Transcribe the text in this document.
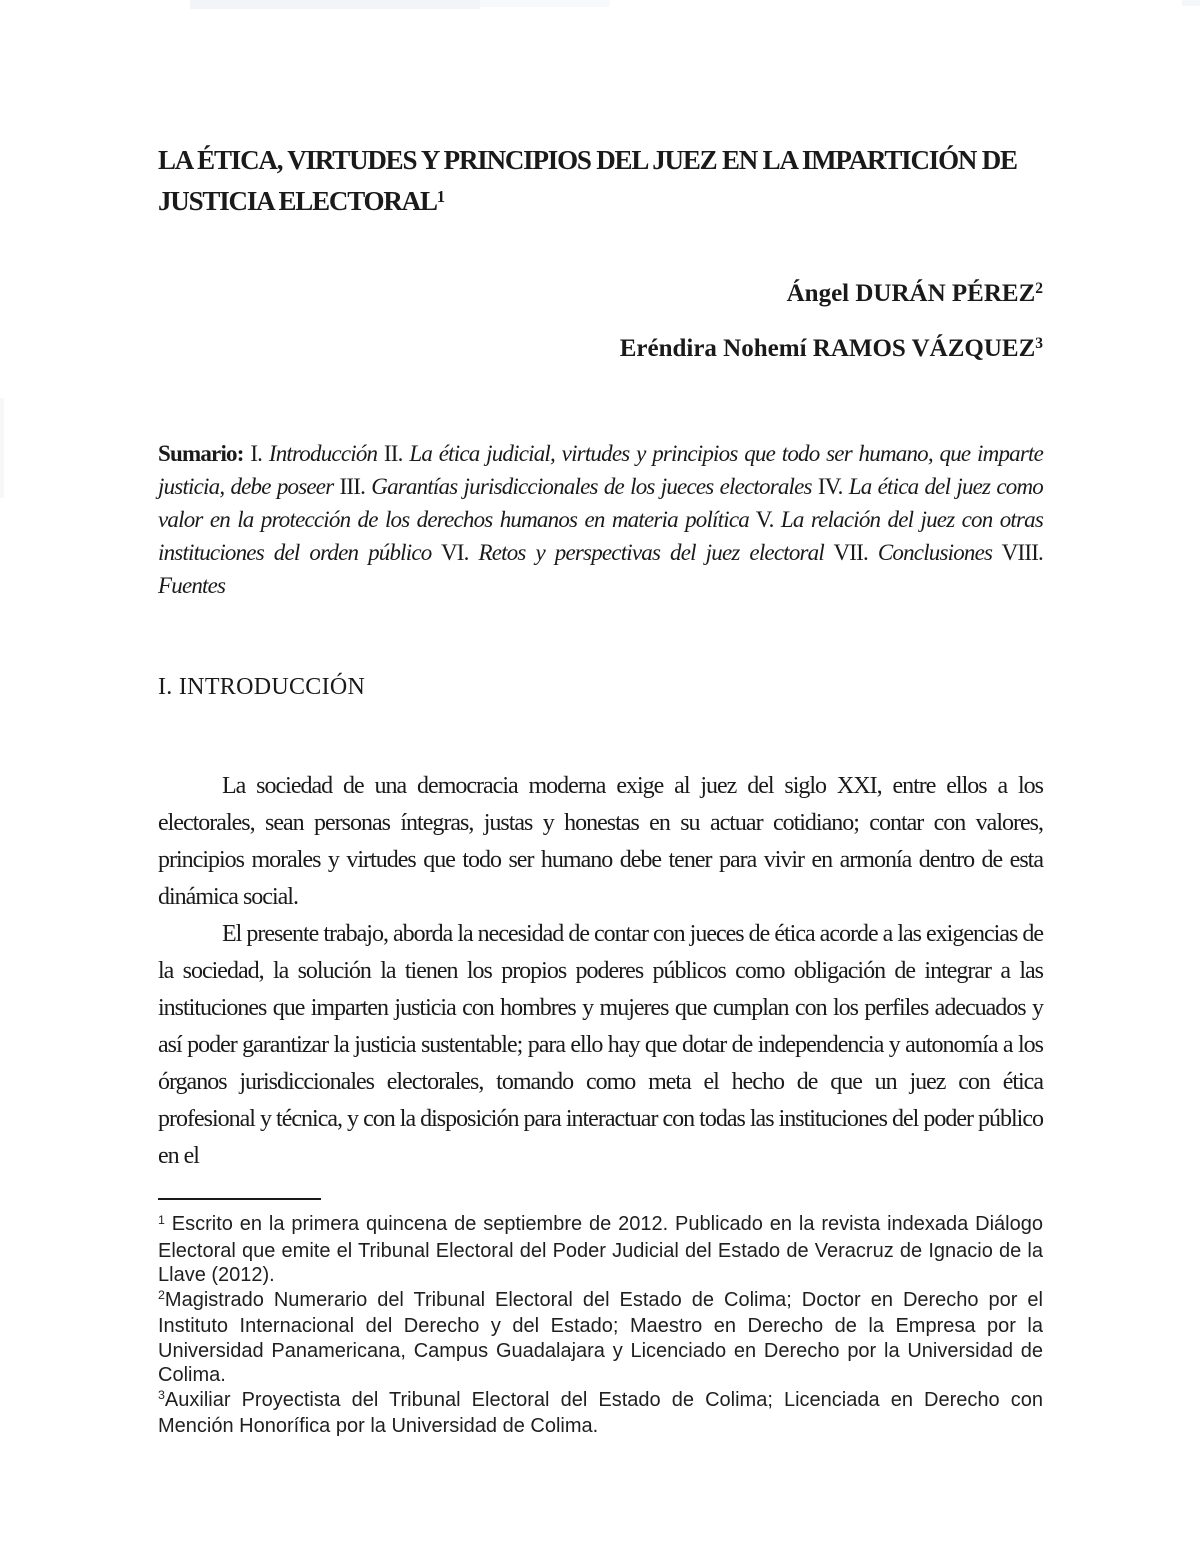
LA ÉTICA, VIRTUDES Y PRINCIPIOS DEL JUEZ EN LA IMPARTICIÓN DE JUSTICIA ELECTORAL$^1$

Ángel DURÁN PÉREZ$^2$

Eréndira Nohemí RAMOS VÁZQUEZ$^3$

Sumario: I. Introducción II. La ética judicial, virtudes y principios que todo ser humano, que imparte justicia, debe poseer III. Garantías jurisdiccionales de los jueces electorales IV. La ética del juez como valor en la protección de los derechos humanos en materia política V. La relación del juez con otras instituciones del orden público VI. Retos y perspectivas del juez electoral VII. Conclusiones VIII. Fuentes

I. INTRODUCCIÓN

La sociedad de una democracia moderna exige al juez del siglo XXI, entre ellos a los electorales, sean personas íntegras, justas y honestas en su actuar cotidiano; contar con valores, principios morales y virtudes que todo ser humano debe tener para vivir en armonía dentro de esta dinámica social.

El presente trabajo, aborda la necesidad de contar con jueces de ética acorde a las exigencias de la sociedad, la solución la tienen los propios poderes públicos como obligación de integrar a las instituciones que imparten justicia con hombres y mujeres que cumplan con los perfiles adecuados y así poder garantizar la justicia sustentable; para ello hay que dotar de independencia y autonomía a los órganos jurisdiccionales electorales, tomando como meta el hecho de que un juez con ética profesional y técnica, y con la disposición para interactuar con todas las instituciones del poder público en el

$^1$ Escrito en la primera quincena de septiembre de 2012. Publicado en la revista indexada Diálogo Electoral que emite el Tribunal Electoral del Poder Judicial del Estado de Veracruz de Ignacio de la Llave (2012).

$^2$Magistrado Numerario del Tribunal Electoral del Estado de Colima; Doctor en Derecho por el Instituto Internacional del Derecho y del Estado; Maestro en Derecho de la Empresa por la Universidad Panamericana, Campus Guadalajara y Licenciado en Derecho por la Universidad de Colima.

$^3$Auxiliar Proyectista del Tribunal Electoral del Estado de Colima; Licenciada en Derecho con Mención Honorífica por la Universidad de Colima.
